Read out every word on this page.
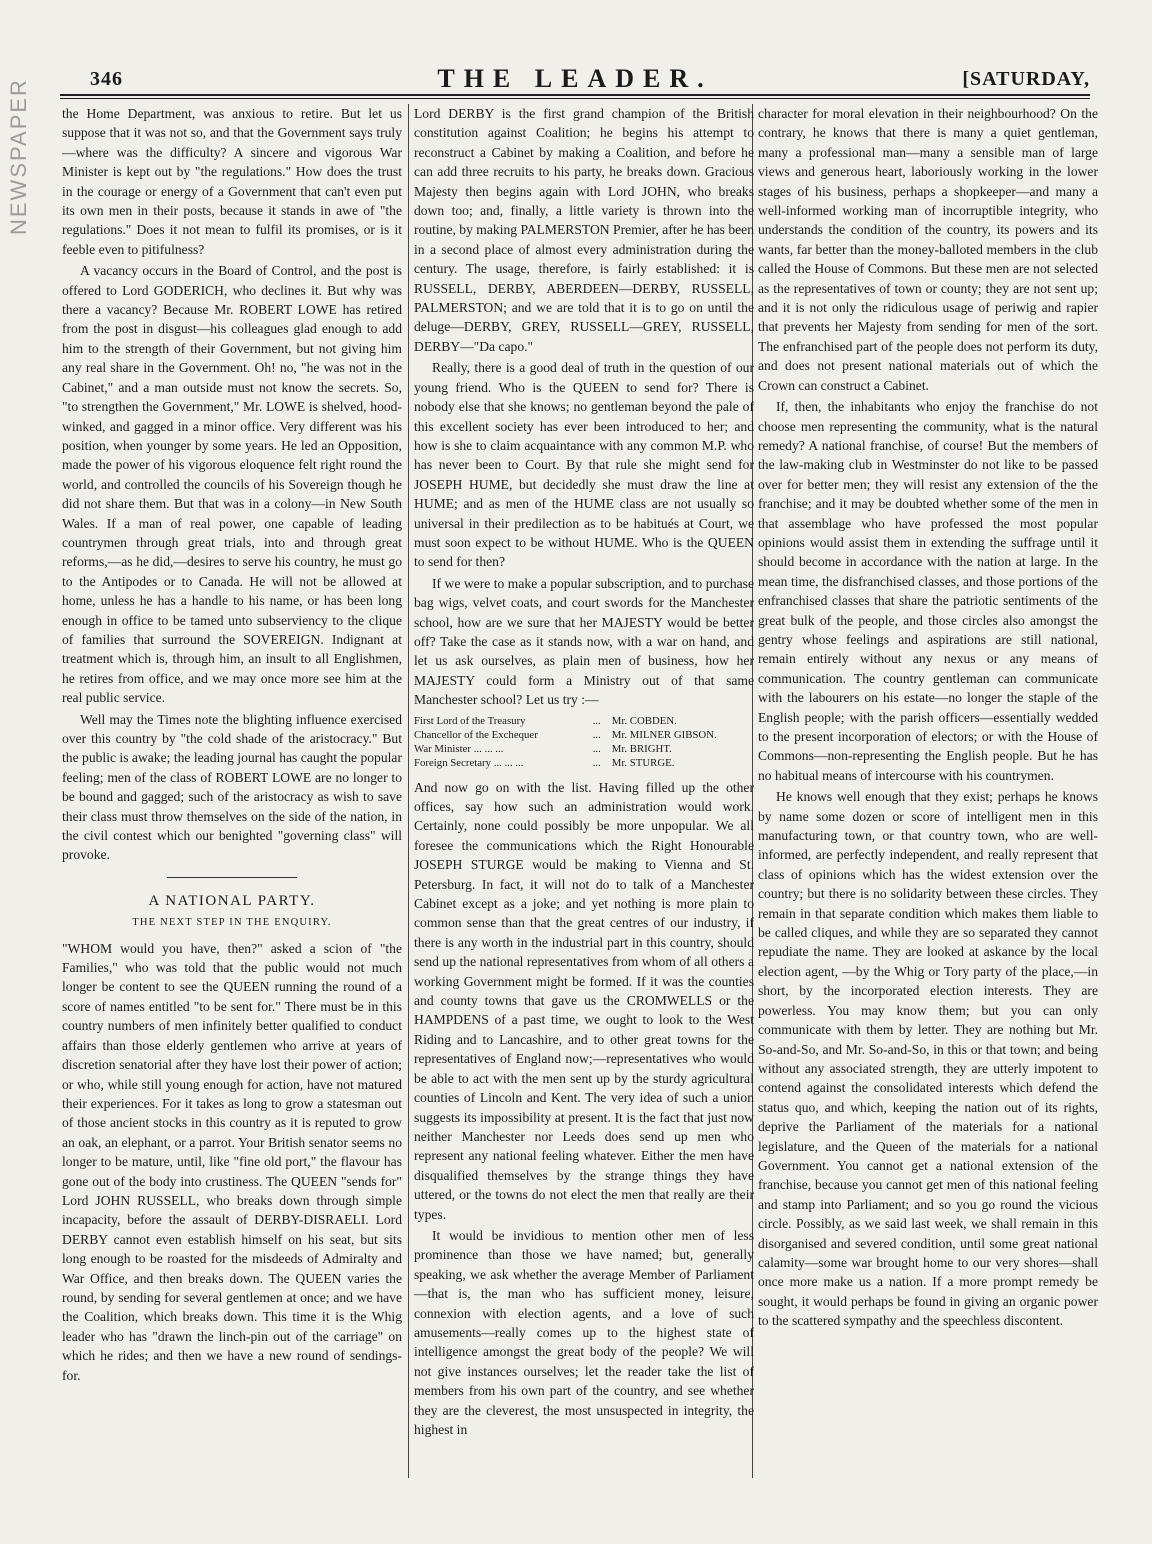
NEWSPAPER	346	THE LEADER.	[SATURDAY,

the Home Department, was anxious to retire. But let us suppose that it was not so, and that the Government says truly—where was the difficulty? A sincere and vigorous War Minister is kept out by "the regulations." How does the trust in the courage or energy of a Government that can't even put its own men in their posts, because it stands in awe of "the regulations." Does it not mean to fulfil its promises, or is it feeble even to pitifulness?

A vacancy occurs in the Board of Control, and the post is offered to Lord GODERICH, who declines it. But why was there a vacancy? Because Mr. ROBERT LOWE has retired from the post in disgust—his colleagues glad enough to add him to the strength of their Government, but not giving him any real share in the Government. Oh! no, "he was not in the Cabinet," and a man outside must not know the secrets. So, "to strengthen the Government," Mr. LOWE is shelved, hood-winked, and gagged in a minor office. Very different was his position, when younger by some years. He led an Opposition, made the power of his vigorous eloquence felt right round the world, and controlled the councils of his Sovereign though he did not share them. But that was in a colony—in New South Wales. If a man of real power, one capable of leading countrymen through great trials, into and through great reforms,—as he did,—desires to serve his country, he must go to the Antipodes or to Canada. He will not be allowed at home, unless he has a handle to his name, or has been long enough in office to be tamed unto subserviency to the clique of families that surround the SOVEREIGN. Indignant at treatment which is, through him, an insult to all Englishmen, he retires from office, and we may once more see him at the real public service.

Well may the Times note the blighting influence exercised over this country by "the cold shade of the aristocracy." But the public is awake; the leading journal has caught the popular feeling; men of the class of ROBERT LOWE are no longer to be bound and gagged; such of the aristocracy as wish to save their class must throw themselves on the side of the nation, in the civil contest which our benighted "governing class" will provoke.

A NATIONAL PARTY.
THE NEXT STEP IN THE ENQUIRY.

"WHOM would you have, then?" asked a scion of "the Families," who was told that the public would not much longer be content to see the QUEEN running the round of a score of names entitled "to be sent for." There must be in this country numbers of men infinitely better qualified to conduct affairs than those elderly gentlemen who arrive at years of discretion senatorial after they have lost their power of action; or who, while still young enough for action, have not matured their experiences. For it takes as long to grow a statesman out of those ancient stocks in this country as it is reputed to grow an oak, an elephant, or a parrot. Your British senator seems no longer to be mature, until, like "fine old port," the flavour has gone out of the body into crustiness. The QUEEN "sends for" Lord JOHN RUSSELL, who breaks down through simple incapacity, before the assault of DERBY-DISRAELI. Lord DERBY cannot even establish himself on his seat, but sits long enough to be roasted for the misdeeds of Admiralty and War Office, and then breaks down. The QUEEN varies the round, by sending for several gentlemen at once; and we have the Coalition, which breaks down. This time it is the Whig leader who has "drawn the linch-pin out of the carriage" on which he rides; and then we have a new round of sendings-for.

Lord DERBY is the first grand champion of the British constitution against Coalition; he begins his attempt to reconstruct a Cabinet by making a Coalition, and before he can add three recruits to his party, he breaks down. Gracious Majesty then begins again with Lord JOHN, who breaks down too; and, finally, a little variety is thrown into the routine, by making PALMERSTON Premier, after he has been in a second place of almost every administration during the century. The usage, therefore, is fairly established: it is RUSSELL, DERBY, ABERDEEN—DERBY, RUSSELL, PALMERSTON; and we are told that it is to go on until the deluge—DERBY, GREY, RUSSELL—GREY, RUSSELL, DERBY—"Da capo."

Really, there is a good deal of truth in the question of our young friend. Who is the QUEEN to send for? There is nobody else that she knows; no gentleman beyond the pale of this excellent society has ever been introduced to her; and how is she to claim acquaintance with any common M.P. who has never been to Court. By that rule she might send for JOSEPH HUME, but decidedly she must draw the line at HUME; and as men of the HUME class are not usually so universal in their predilection as to be habitués at Court, we must soon expect to be without HUME. Who is the QUEEN to send for then?

If we were to make a popular subscription, and to purchase bag wigs, velvet coats, and court swords for the Manchester school, how are we sure that her MAJESTY would be better off? Take the case as it stands now, with a war on hand, and let us ask ourselves, as plain men of business, how her MAJESTY could form a Ministry out of that same Manchester school? Let us try :—

First Lord of the Treasury	...	Mr. COBDEN.
Chancellor of the Exchequer	...	Mr. MILNER GIBSON.
War Minister ... ... ...	...	Mr. BRIGHT.
Foreign Secretary ... ... ...	...	Mr. STURGE.

And now go on with the list. Having filled up the other offices, say how such an administration would work. Certainly, none could possibly be more unpopular. We all foresee the communications which the Right Honourable JOSEPH STURGE would be making to Vienna and St. Petersburg. In fact, it will not do to talk of a Manchester Cabinet except as a joke; and yet nothing is more plain to common sense than that the great centres of our industry, if there is any worth in the industrial part in this country, should send up the national representatives from whom of all others a working Government might be formed. If it was the counties and county towns that gave us the CROMWELLS or the HAMPDENS of a past time, we ought to look to the West Riding and to Lancashire, and to other great towns for the representatives of England now;—representatives who would be able to act with the men sent up by the sturdy agricultural counties of Lincoln and Kent. The very idea of such a union suggests its impossibility at present. It is the fact that just now neither Manchester nor Leeds does send up men who represent any national feeling whatever. Either the men have disqualified themselves by the strange things they have uttered, or the towns do not elect the men that really are their types.

It would be invidious to mention other men of less prominence than those we have named; but, generally speaking, we ask whether the average Member of Parliament —that is, the man who has sufficient money, leisure, connexion with election agents, and a love of such amusements—really comes up to the highest state of intelligence amongst the great body of the people? We will not give instances ourselves; let the reader take the list of members from his own part of the country, and see whether they are the cleverest, the most unsuspected in integrity, the highest in

character for moral elevation in their neighbourhood? On the contrary, he knows that there is many a quiet gentleman, many a professional man—many a sensible man of large views and generous heart, laboriously working in the lower stages of his business, perhaps a shopkeeper—and many a well-informed working man of incorruptible integrity, who understands the condition of the country, its powers and its wants, far better than the money-balloted members in the club called the House of Commons. But these men are not selected as the representatives of town or county; they are not sent up; and it is not only the ridiculous usage of periwig and rapier that prevents her Majesty from sending for men of the sort. The enfranchised part of the people does not perform its duty, and does not present national materials out of which the Crown can construct a Cabinet.

If, then, the inhabitants who enjoy the franchise do not choose men representing the community, what is the natural remedy? A national franchise, of course! But the members of the law-making club in Westminster do not like to be passed over for better men; they will resist any extension of the the franchise; and it may be doubted whether some of the men in that assemblage who have professed the most popular opinions would assist them in extending the suffrage until it should become in accordance with the nation at large. In the mean time, the disfranchised classes, and those portions of the enfranchised classes that share the patriotic sentiments of the great bulk of the people, and those circles also amongst the gentry whose feelings and aspirations are still national, remain entirely without any nexus or any means of communication. The country gentleman can communicate with the labourers on his estate—no longer the staple of the English people; with the parish officers—essentially wedded to the present incorporation of electors; or with the House of Commons—non-representing the English people. But he has no habitual means of intercourse with his countrymen.

He knows well enough that they exist; perhaps he knows by name some dozen or score of intelligent men in this manufacturing town, or that country town, who are well-informed, are perfectly independent, and really represent that class of opinions which has the widest extension over the country; but there is no solidarity between these circles. They remain in that separate condition which makes them liable to be called cliques, and while they are so separated they cannot repudiate the name. They are looked at askance by the local election agent, —by the Whig or Tory party of the place,—in short, by the incorporated election interests. They are powerless. You may know them; but you can only communicate with them by letter. They are nothing but Mr. So-and-So, and Mr. So-and-So, in this or that town; and being without any associated strength, they are utterly impotent to contend against the consolidated interests which defend the status quo, and which, keeping the nation out of its rights, deprive the Parliament of the materials for a national legislature, and the Queen of the materials for a national Government. You cannot get a national extension of the franchise, because you cannot get men of this national feeling and stamp into Parliament; and so you go round the vicious circle. Possibly, as we said last week, we shall remain in this disorganised and severed condition, until some great national calamity—some war brought home to our very shores—shall once more make us a nation. If a more prompt remedy be sought, it would perhaps be found in giving an organic power to the scattered sympathy and the speechless discontent.
